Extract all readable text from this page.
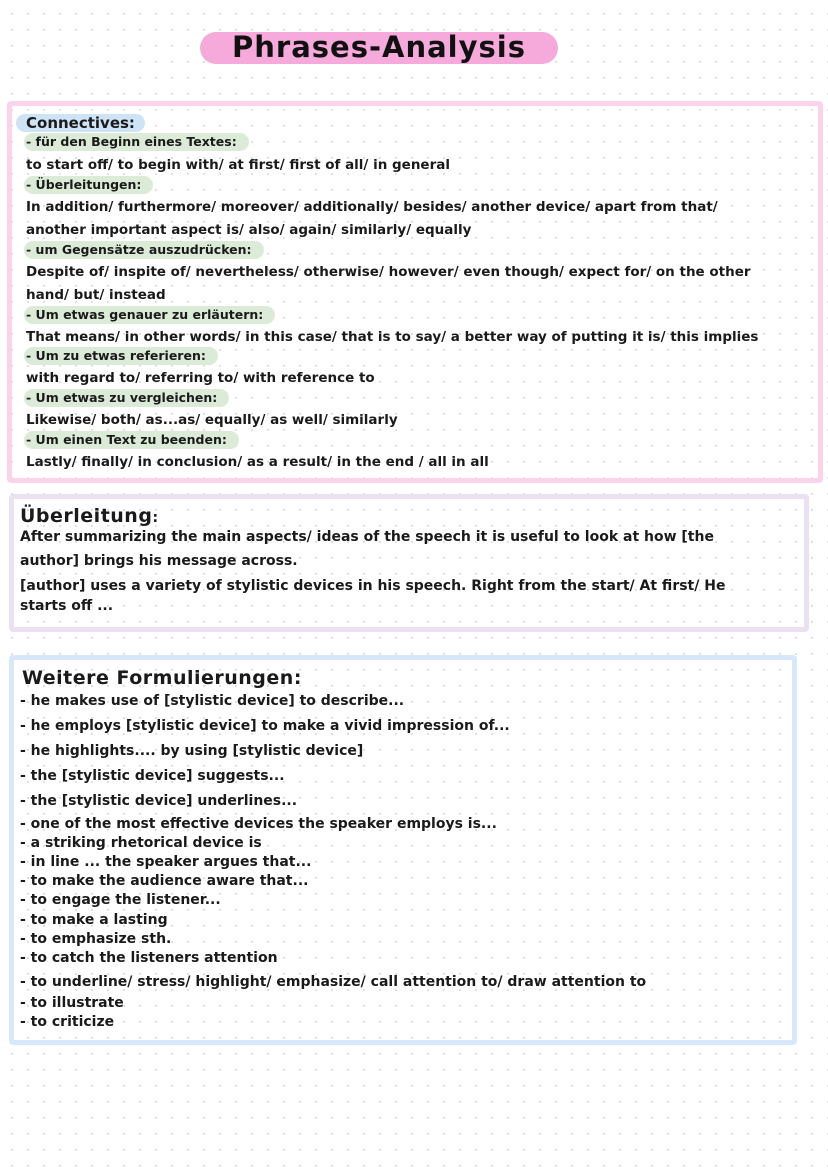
Phrases-Analysis
Connectives:
- für den Beginn eines Textes:
to start off/ to begin with/ at first/ first of all/ in general
- Überleitungen:
In addition/ furthermore/ moreover/ additionally/ besides/ another device/ apart from that/
another important aspect is/ also/ again/ similarly/ equally
- um Gegensätze auszudrücken:
Despite of/ inspite of/ nevertheless/ otherwise/ however/ even though/ expect for/ on the other
hand/ but/ instead
- Um etwas genauer zu erläutern:
That means/ in other words/ in this case/ that is to say/ a better way of putting it is/ this implies
- Um zu etwas referieren:
with regard to/ referring to/ with reference to
- Um etwas zu vergleichen:
Likewise/ both/ as...as/ equally/ as well/ similarly
- Um einen Text zu beenden:
Lastly/ finally/ in conclusion/ as a result/ in the end / all in all
Überleitung:
After summarizing the main aspects/ ideas of the speech it is useful to look at how [the
author] brings his message across.
[author] uses a variety of stylistic devices in his speech. Right from the start/ At first/ He
starts off ...
Weitere Formulierungen:
- he makes use of [stylistic device] to describe...
- he employs [stylistic device] to make a vivid impression of...
- he highlights.... by using [stylistic device]
- the [stylistic device] suggests...
- the [stylistic device] underlines...
- one of the most effective devices the speaker employs is...
- a striking rhetorical device is
- in line ... the speaker argues that...
- to make the audience aware that...
- to engage the listener...
- to make a lasting
- to emphasize sth.
- to catch the listeners attention
- to underline/ stress/ highlight/ emphasize/ call attention to/ draw attention to
- to illustrate
- to criticize
